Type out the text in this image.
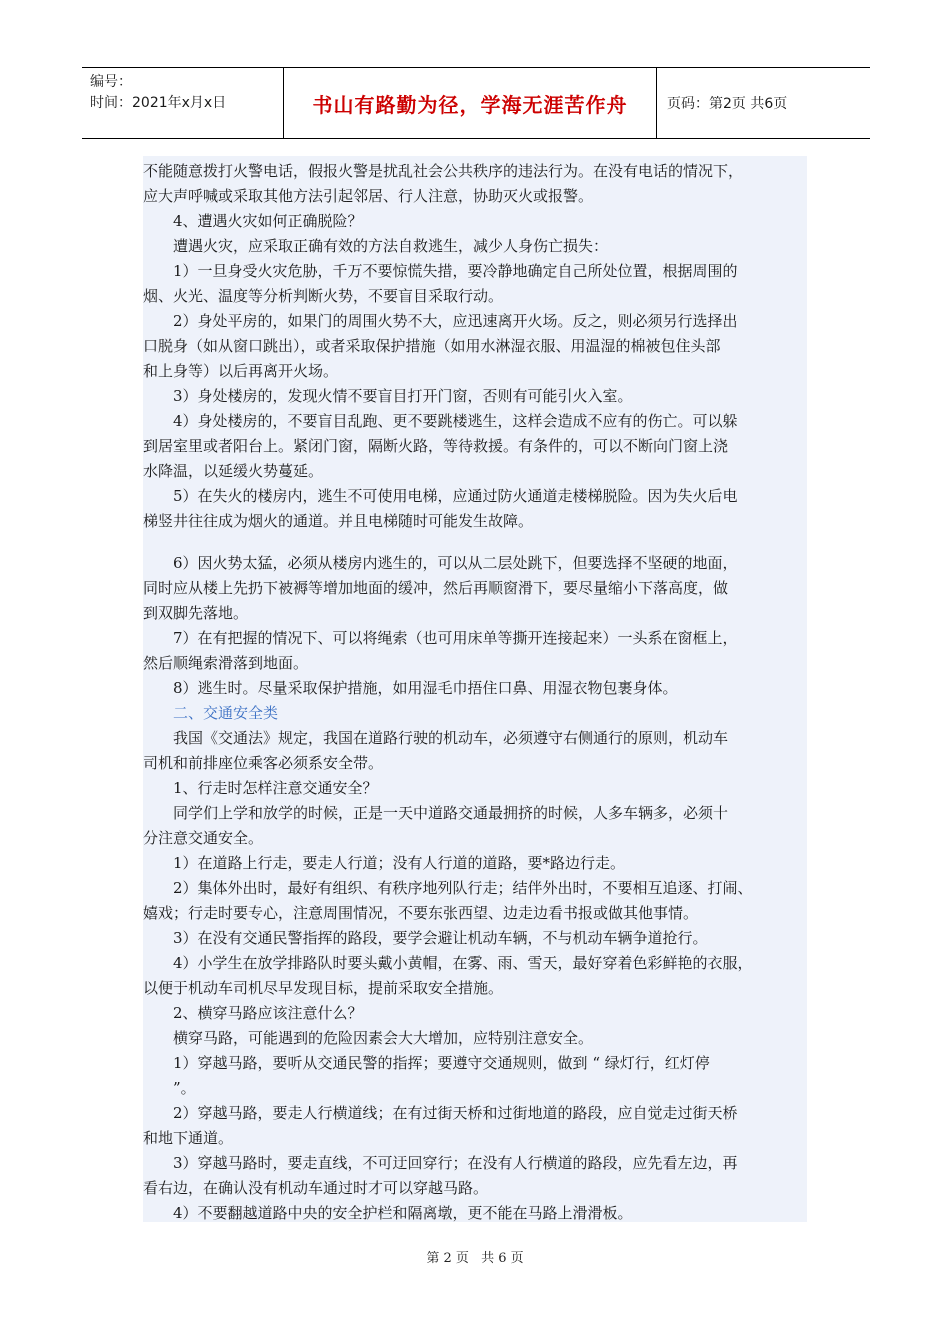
编号：
时间：2021年x月x日	书山有路勤为径，学海无涯苦作舟	页码：第2页 共6页
不能随意拨打火警电话，假报火警是扰乱社会公共秩序的违法行为。在没有电话的情况下，
应大声呼喊或采取其他方法引起邻居、行人注意，协助灭火或报警。
4、遭遇火灾如何正确脱险？
遭遇火灾，应采取正确有效的方法自救逃生，减少人身伤亡损失：
1）一旦身受火灾危胁，千万不要惊慌失措，要冷静地确定自己所处位置，根据周围的
烟、火光、温度等分析判断火势，不要盲目采取行动。
2）身处平房的，如果门的周围火势不大，应迅速离开火场。反之，则必须另行选择出
口脱身（如从窗口跳出），或者采取保护措施（如用水淋湿衣服、用温湿的棉被包住头部
和上身等）以后再离开火场。
3）身处楼房的，发现火情不要盲目打开门窗，否则有可能引火入室。
4）身处楼房的，不要盲目乱跑、更不要跳楼逃生，这样会造成不应有的伤亡。可以躲
到居室里或者阳台上。紧闭门窗，隔断火路，等待救援。有条件的，可以不断向门窗上浇
水降温，以延缓火势蔓延。
5）在失火的楼房内，逃生不可使用电梯，应通过防火通道走楼梯脱险。因为失火后电
梯竖井往往成为烟火的通道。并且电梯随时可能发生故障。
6）因火势太猛，必须从楼房内逃生的，可以从二层处跳下，但要选择不坚硬的地面，
同时应从楼上先扔下被褥等增加地面的缓冲，然后再顺窗滑下，要尽量缩小下落高度，做
到双脚先落地。
7）在有把握的情况下、可以将绳索（也可用床单等撕开连接起来）一头系在窗框上，
然后顺绳索滑落到地面。
8）逃生时。尽量采取保护措施，如用湿毛巾捂住口鼻、用湿衣物包裹身体。
二、交通安全类
我国《交通法》规定，我国在道路行驶的机动车，必须遵守右侧通行的原则，机动车
司机和前排座位乘客必须系安全带。
1、行走时怎样注意交通安全？
同学们上学和放学的时候，正是一天中道路交通最拥挤的时候，人多车辆多，必须十
分注意交通安全。
1）在道路上行走，要走人行道；没有人行道的道路，要*路边行走。
2）集体外出时，最好有组织、有秩序地列队行走；结伴外出时，不要相互追逐、打闹、
嬉戏；行走时要专心，注意周围情况，不要东张西望、边走边看书报或做其他事情。
3）在没有交通民警指挥的路段，要学会避让机动车辆，不与机动车辆争道抢行。
4）小学生在放学排路队时要头戴小黄帽，在雾、雨、雪天，最好穿着色彩鲜艳的衣服，
以便于机动车司机尽早发现目标，提前采取安全措施。
2、横穿马路应该注意什么？
横穿马路，可能遇到的危险因素会大大增加，应特别注意安全。
1）穿越马路，要听从交通民警的指挥；要遵守交通规则，做到 “ 绿灯行，红灯停
”。
2）穿越马路，要走人行横道线；在有过街天桥和过街地道的路段，应自觉走过街天桥
和地下通道。
3）穿越马路时，要走直线，不可迂回穿行；在没有人行横道的路段，应先看左边，再
看右边，在确认没有机动车通过时才可以穿越马路。
4）不要翻越道路中央的安全护栏和隔离墩，更不能在马路上滑滑板。
第 2 页 共 6 页
